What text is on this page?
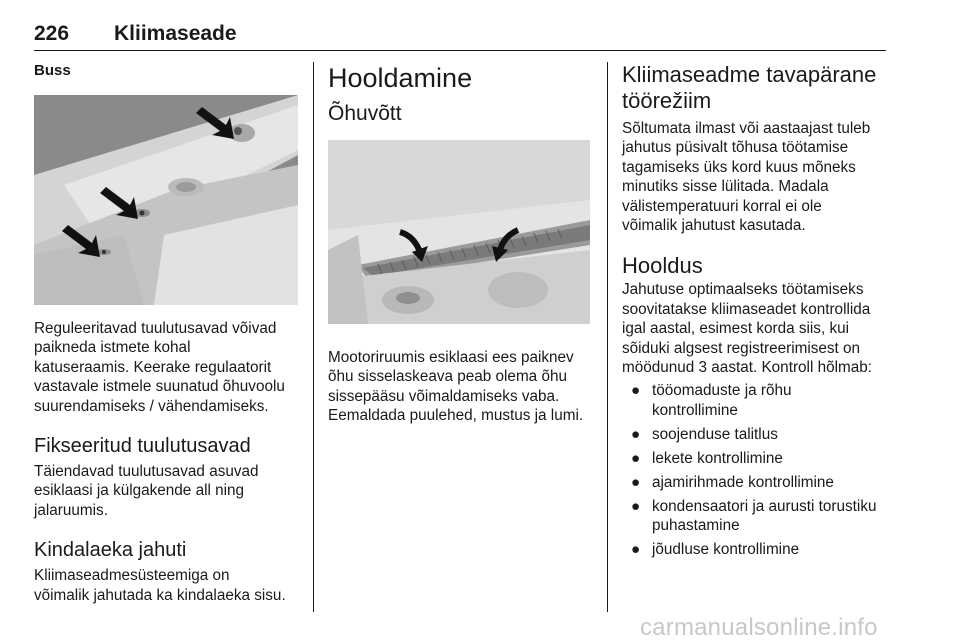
226 Kliimaseade
Buss

Reguleeritavad tuulutusavad võivad
paikneda istmete kohal
katuseraamis. Keerake regulaatorit
vastavale istmele suunatud õhuvoolu
suurendamiseks / vähendamiseks.

Fikseeritud tuulutusavad

Täiendavad tuulutusavad asuvad
esiklaasi ja külgakende all ning
jalaruumis.

Kindalaeka jahuti

Kliimaseadmesüsteemiga on
võimalik jahutada ka kindalaeka sisu.

Hooldamine
Õhuvõtt

Mootoriruumis esiklaasi ees paiknev
õhu sisselaskeava peab olema õhu
sissepääsu võimaldamiseks vaba.
Eemaldada puulehed, mustus ja lumi.

Kliimaseadme tavapärane
töörežiim

Sõltumata ilmast või aastaajast tuleb
jahutus püsivalt tõhusa töötamise
tagamiseks üks kord kuus mõneks
minutiks sisse lülitada. Madala
välistemperatuuri korral ei ole
võimalik jahutust kasutada.

Hooldus

Jahutuse optimaalseks töötamiseks
soovitatakse kliimaseadet kontrollida
igal aastal, esimest korda siis, kui
sõiduki algsest registreerimisest on
möödunud 3 aastat. Kontroll hõlmab:

● tööomaduste ja rõhu
kontrollimine
● soojenduse talitlus
● lekete kontrollimine
● ajamirihmade kontrollimine
● kondensaatori ja aurusti torustiku
puhastamine
● jõudluse kontrollimine
carmanualsonline.info
